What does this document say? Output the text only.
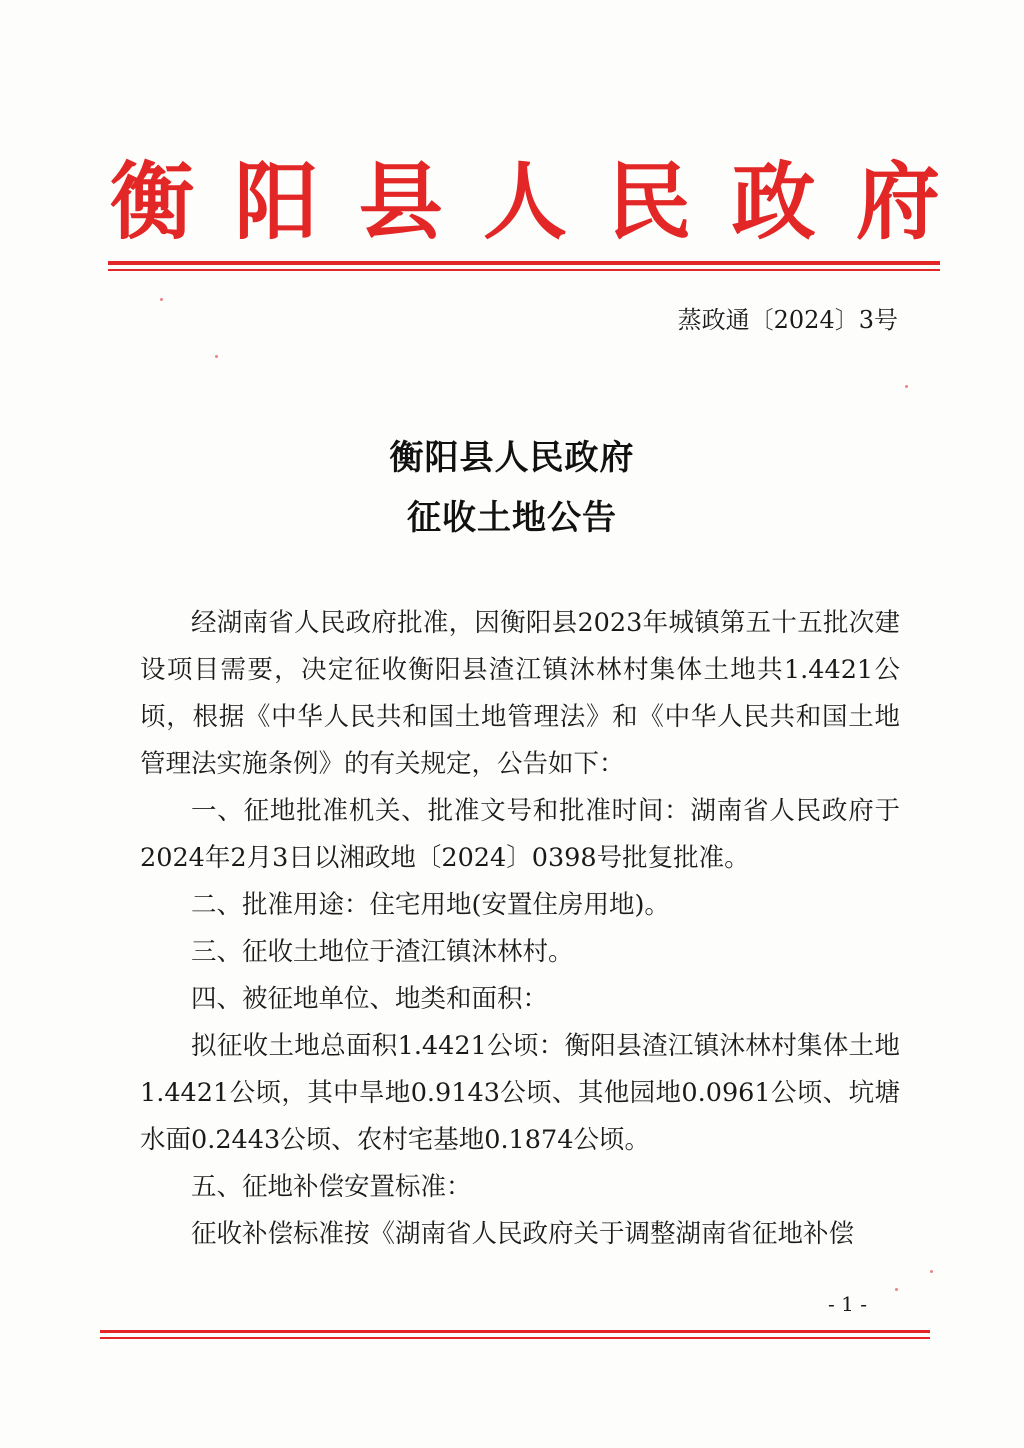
衡 阳 县 人 民 政 府
蒸政通〔2024〕3号
衡阳县人民政府
征收土地公告

经湖南省人民政府批准，因衡阳县2023年城镇第五十五批次建设项目需要，决定征收衡阳县渣江镇沐林村集体土地共1.4421公顷，根据《中华人民共和国土地管理法》和《中华人民共和国土地管理法实施条例》的有关规定，公告如下：

一、征地批准机关、批准文号和批准时间：湖南省人民政府于2024年2月3日以湘政地〔2024〕0398号批复批准。

二、批准用途：住宅用地(安置住房用地)。

三、征收土地位于渣江镇沐林村。

四、被征地单位、地类和面积：

拟征收土地总面积1.4421公顷：衡阳县渣江镇沐林村集体土地1.4421公顷，其中旱地0.9143公顷、其他园地0.0961公顷、坑塘水面0.2443公顷、农村宅基地0.1874公顷。

五、征地补偿安置标准：

征收补偿标准按《湖南省人民政府关于调整湖南省征地补偿

- 1 -
